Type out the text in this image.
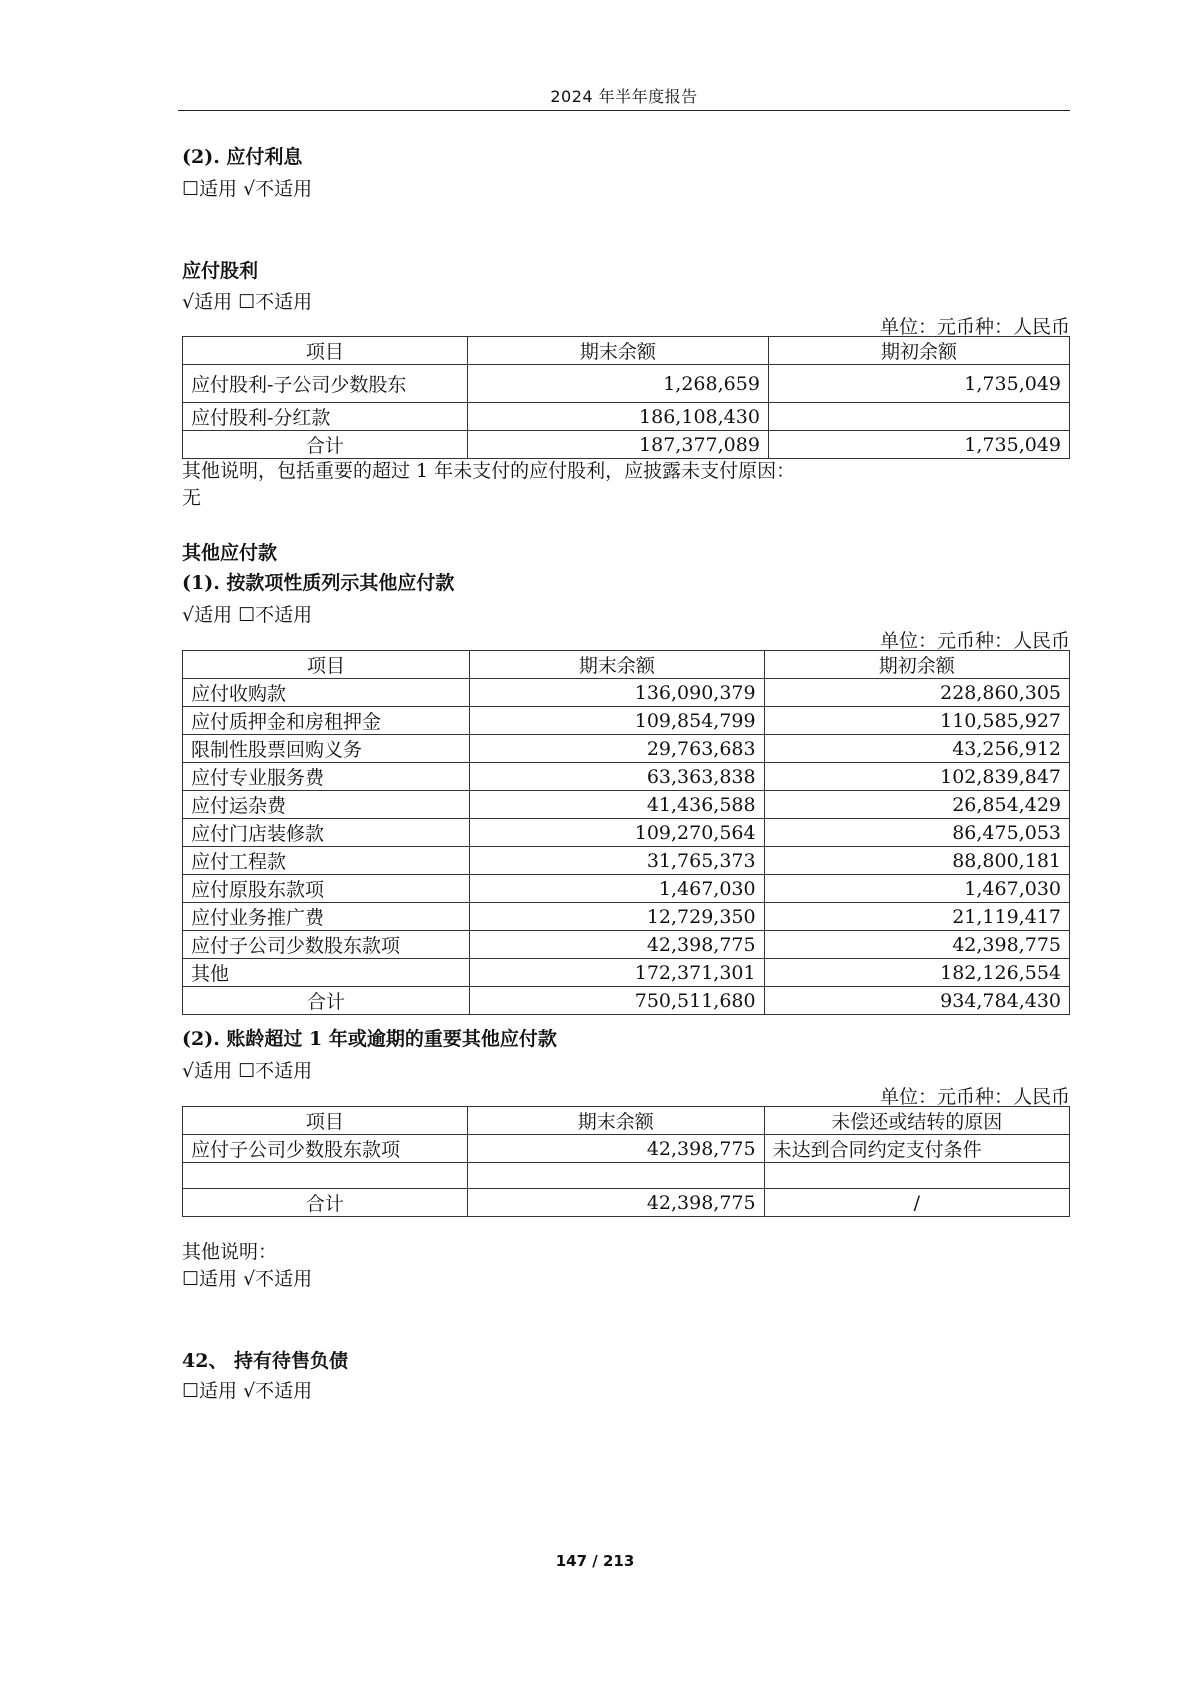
2024 年半年度报告
(2). 应付利息
☐适用 √不适用
应付股利
√适用 ☐不适用
单位：元币种：人民币
项目	期末余额	期初余额
应付股利-子公司少数股东	1,268,659	1,735,049
应付股利-分红款	186,108,430	
合计	187,377,089	1,735,049
其他说明，包括重要的超过 1 年未支付的应付股利，应披露未支付原因：
无
其他应付款
(1). 按款项性质列示其他应付款
√适用 ☐不适用
单位：元币种：人民币
项目	期末余额	期初余额
应付收购款	136,090,379	228,860,305
应付质押金和房租押金	109,854,799	110,585,927
限制性股票回购义务	29,763,683	43,256,912
应付专业服务费	63,363,838	102,839,847
应付运杂费	41,436,588	26,854,429
应付门店装修款	109,270,564	86,475,053
应付工程款	31,765,373	88,800,181
应付原股东款项	1,467,030	1,467,030
应付业务推广费	12,729,350	21,119,417
应付子公司少数股东款项	42,398,775	42,398,775
其他	172,371,301	182,126,554
合计	750,511,680	934,784,430
(2). 账龄超过 1 年或逾期的重要其他应付款
√适用 ☐不适用
单位：元币种：人民币
项目	期末余额	未偿还或结转的原因
应付子公司少数股东款项	42,398,775	未达到合同约定支付条件

合计	42,398,775	/
其他说明：
☐适用 √不适用
42、 持有待售负债
☐适用 √不适用
147 / 213
